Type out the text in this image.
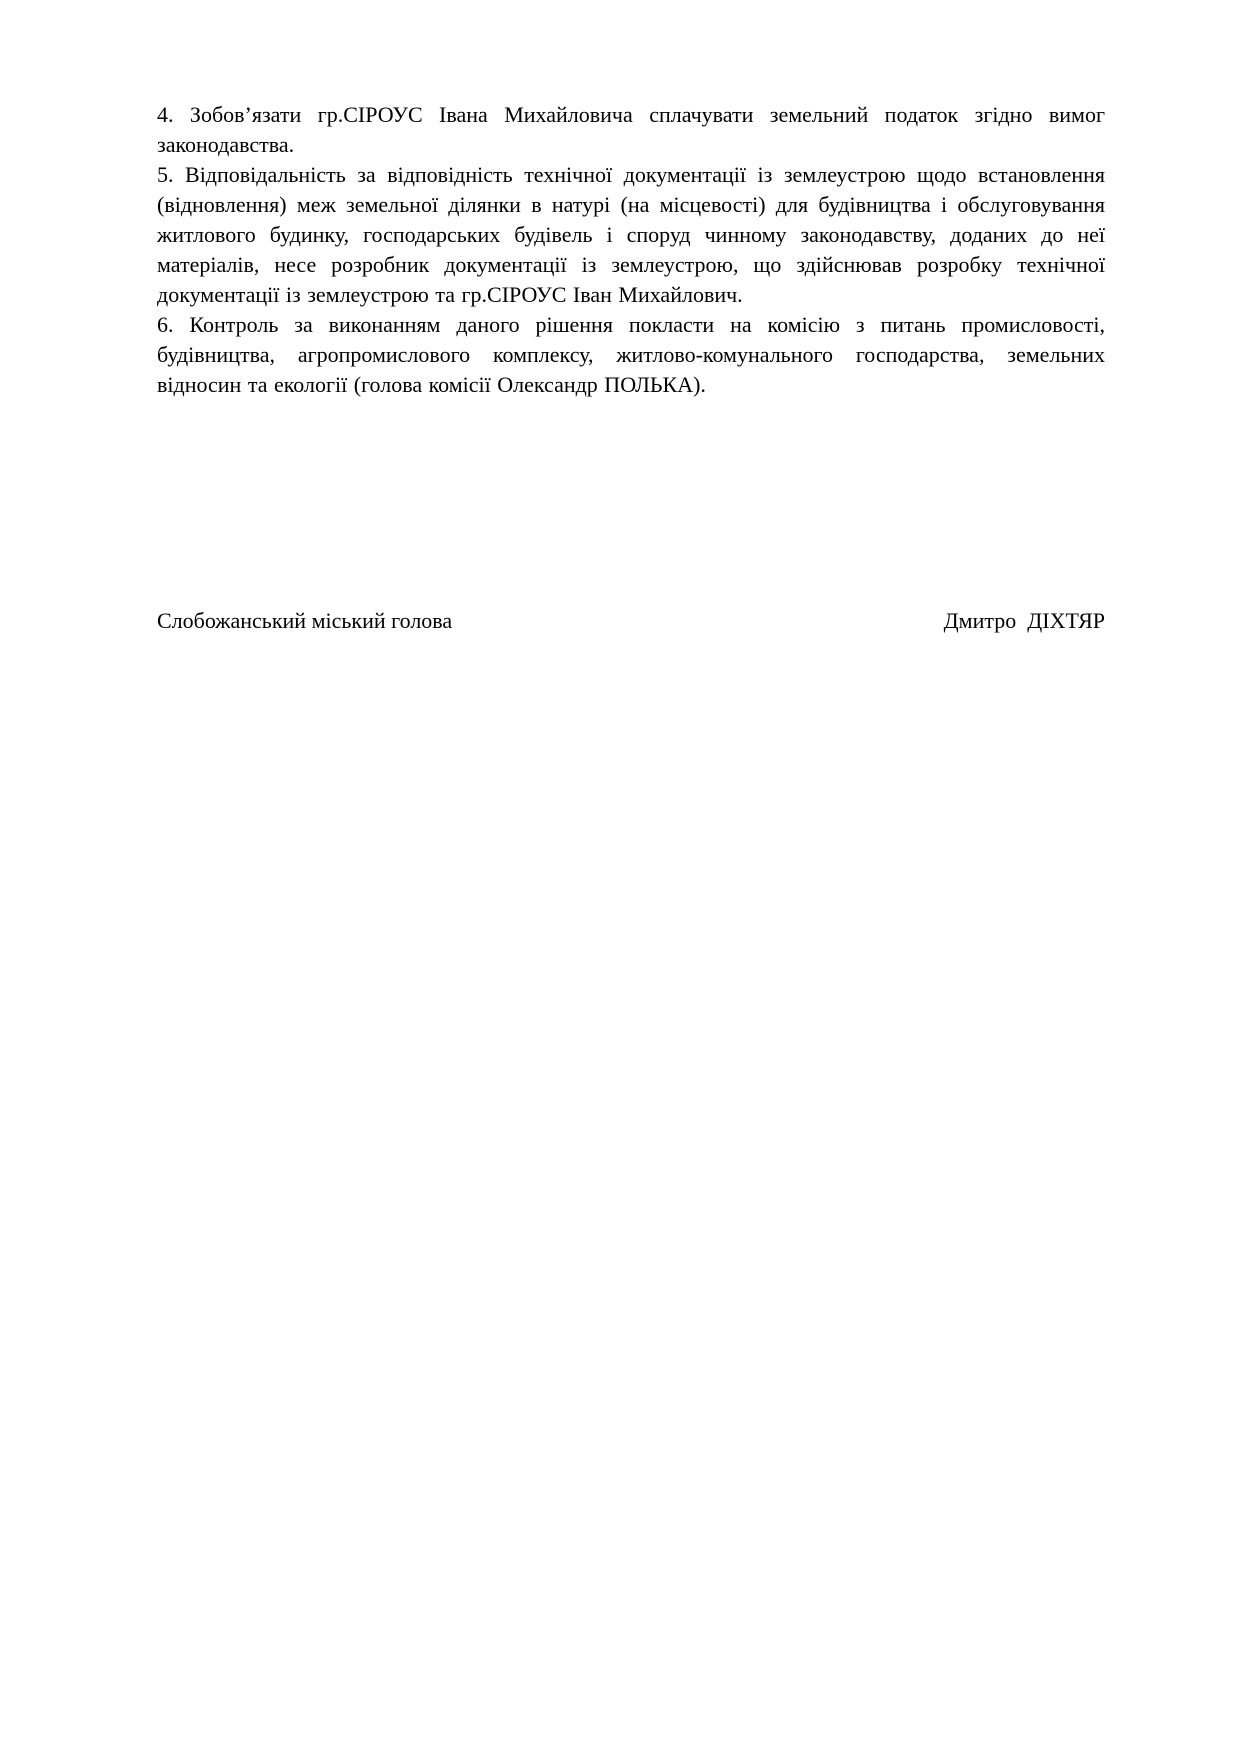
4. Зобов’язати гр.СІРОУС Івана Михайловича сплачувати земельний податок згідно вимог законодавства.

5. Відповідальність за відповідність технічної документації із землеустрою щодо встановлення (відновлення) меж земельної ділянки в натурі (на місцевості) для будівництва і обслуговування житлового будинку, господарських будівель і споруд чинному законодавству, доданих до неї матеріалів, несе розробник документації із землеустрою, що здійснював розробку технічної документації із землеустрою та гр.СІРОУС Іван Михайлович.

6. Контроль за виконанням даного рішення покласти на комісію з питань промисловості, будівництва, агропромислового комплексу, житлово-комунального господарства, земельних відносин та екології (голова комісії Олександр ПОЛЬКА).

Слобожанський міський голова	Дмитро  ДІХТЯР
